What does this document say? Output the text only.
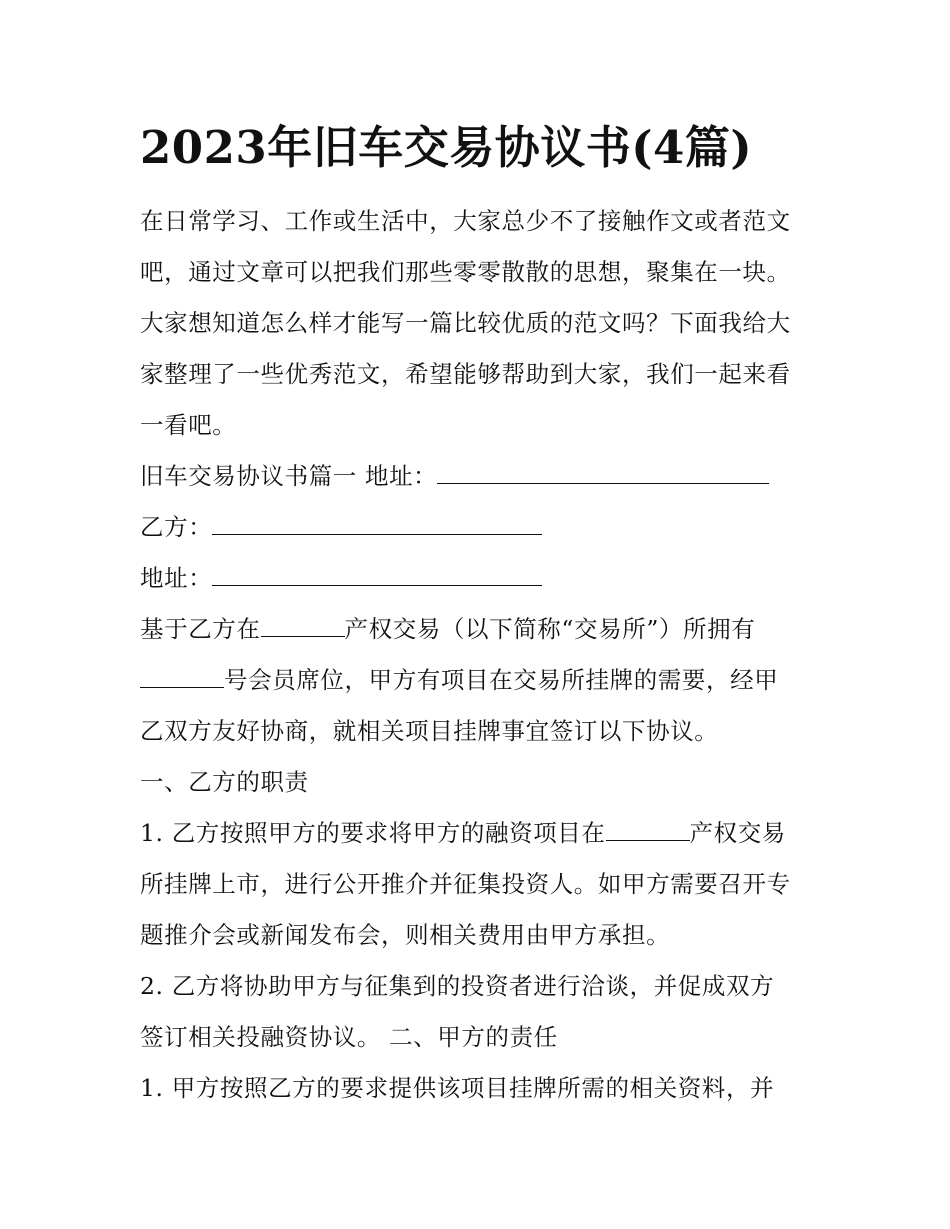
2023年旧车交易协议书(4篇)

在日常学习、工作或生活中，大家总少不了接触作文或者范文

吧，通过文章可以把我们那些零零散散的思想，聚集在一块。

大家想知道怎么样才能写一篇比较优质的范文吗？下面我给大

家整理了一些优秀范文，希望能够帮助到大家，我们一起来看

一看吧。

旧车交易协议书篇一 地址：

乙方：

地址：

基于乙方在	产权交易（以下简称“交易所”）所拥有

号会员席位，甲方有项目在交易所挂牌的需要，经甲

乙双方友好协商，就相关项目挂牌事宜签订以下协议。

一、乙方的职责

1. 乙方按照甲方的要求将甲方的融资项目在	产权交易

所挂牌上市，进行公开推介并征集投资人。如甲方需要召开专

题推介会或新闻发布会，则相关费用由甲方承担。

2. 乙方将协助甲方与征集到的投资者进行洽谈，并促成双方

签订相关投融资协议。 二、甲方的责任

1. 甲方按照乙方的要求提供该项目挂牌所需的相关资料，并
